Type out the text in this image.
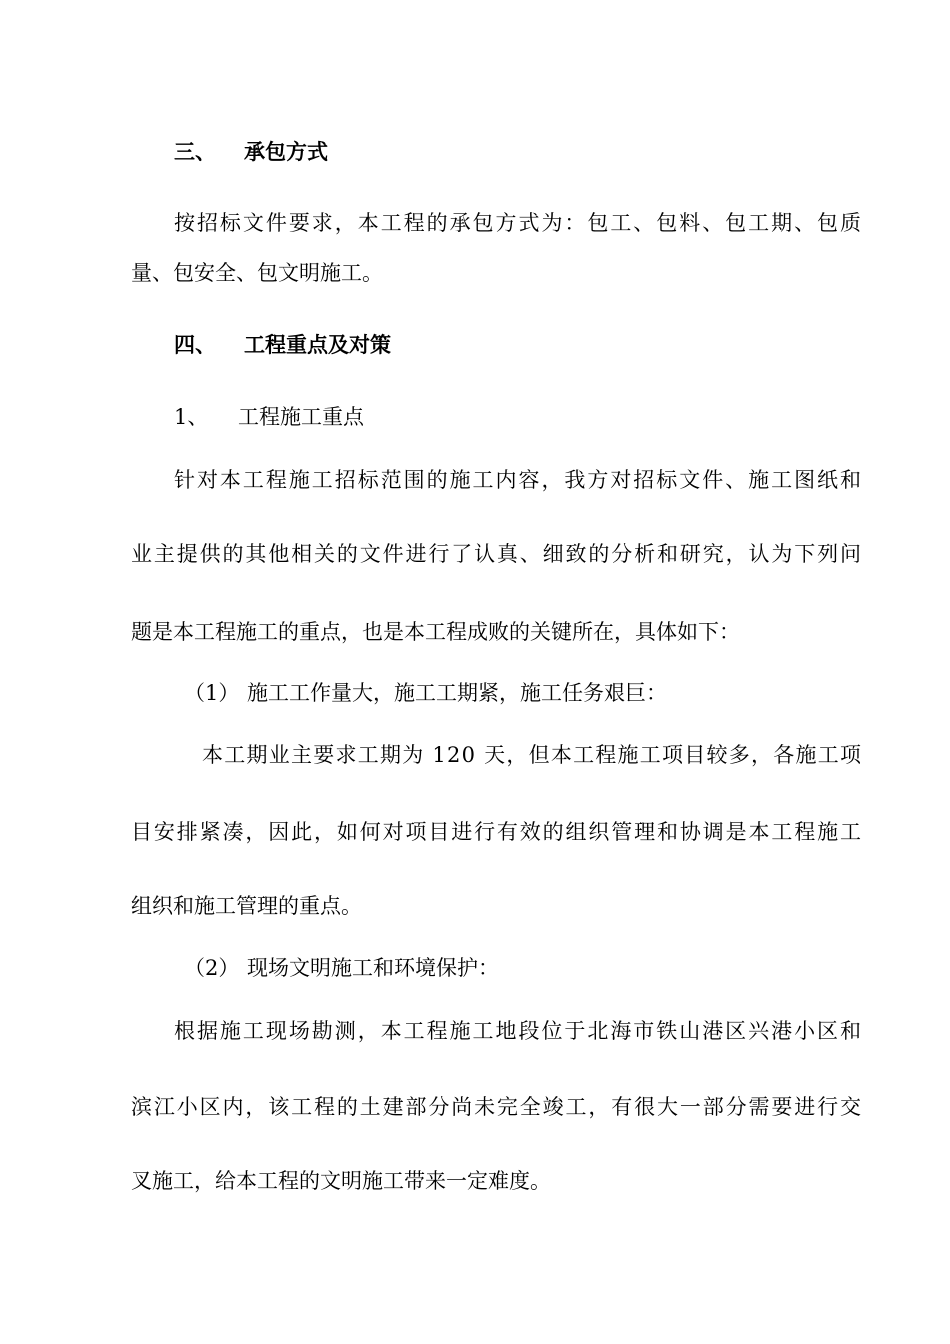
三、 承包方式
按招标文件要求，本工程的承包方式为：包工、包料、包工期、包质
量、包安全、包文明施工。
四、 工程重点及对策
1、 工程施工重点
针对本工程施工招标范围的施工内容，我方对招标文件、施工图纸和
业主提供的其他相关的文件进行了认真、细致的分析和研究，认为下列问
题是本工程施工的重点，也是本工程成败的关键所在，具体如下：
（1） 施工工作量大，施工工期紧，施工任务艰巨：
本工期业主要求工期为 120 天，但本工程施工项目较多，各施工项
目安排紧凑，因此，如何对项目进行有效的组织管理和协调是本工程施工
组织和施工管理的重点。
（2） 现场文明施工和环境保护：
根据施工现场勘测，本工程施工地段位于北海市铁山港区兴港小区和
滨江小区内，该工程的土建部分尚未完全竣工，有很大一部分需要进行交
叉施工，给本工程的文明施工带来一定难度。
